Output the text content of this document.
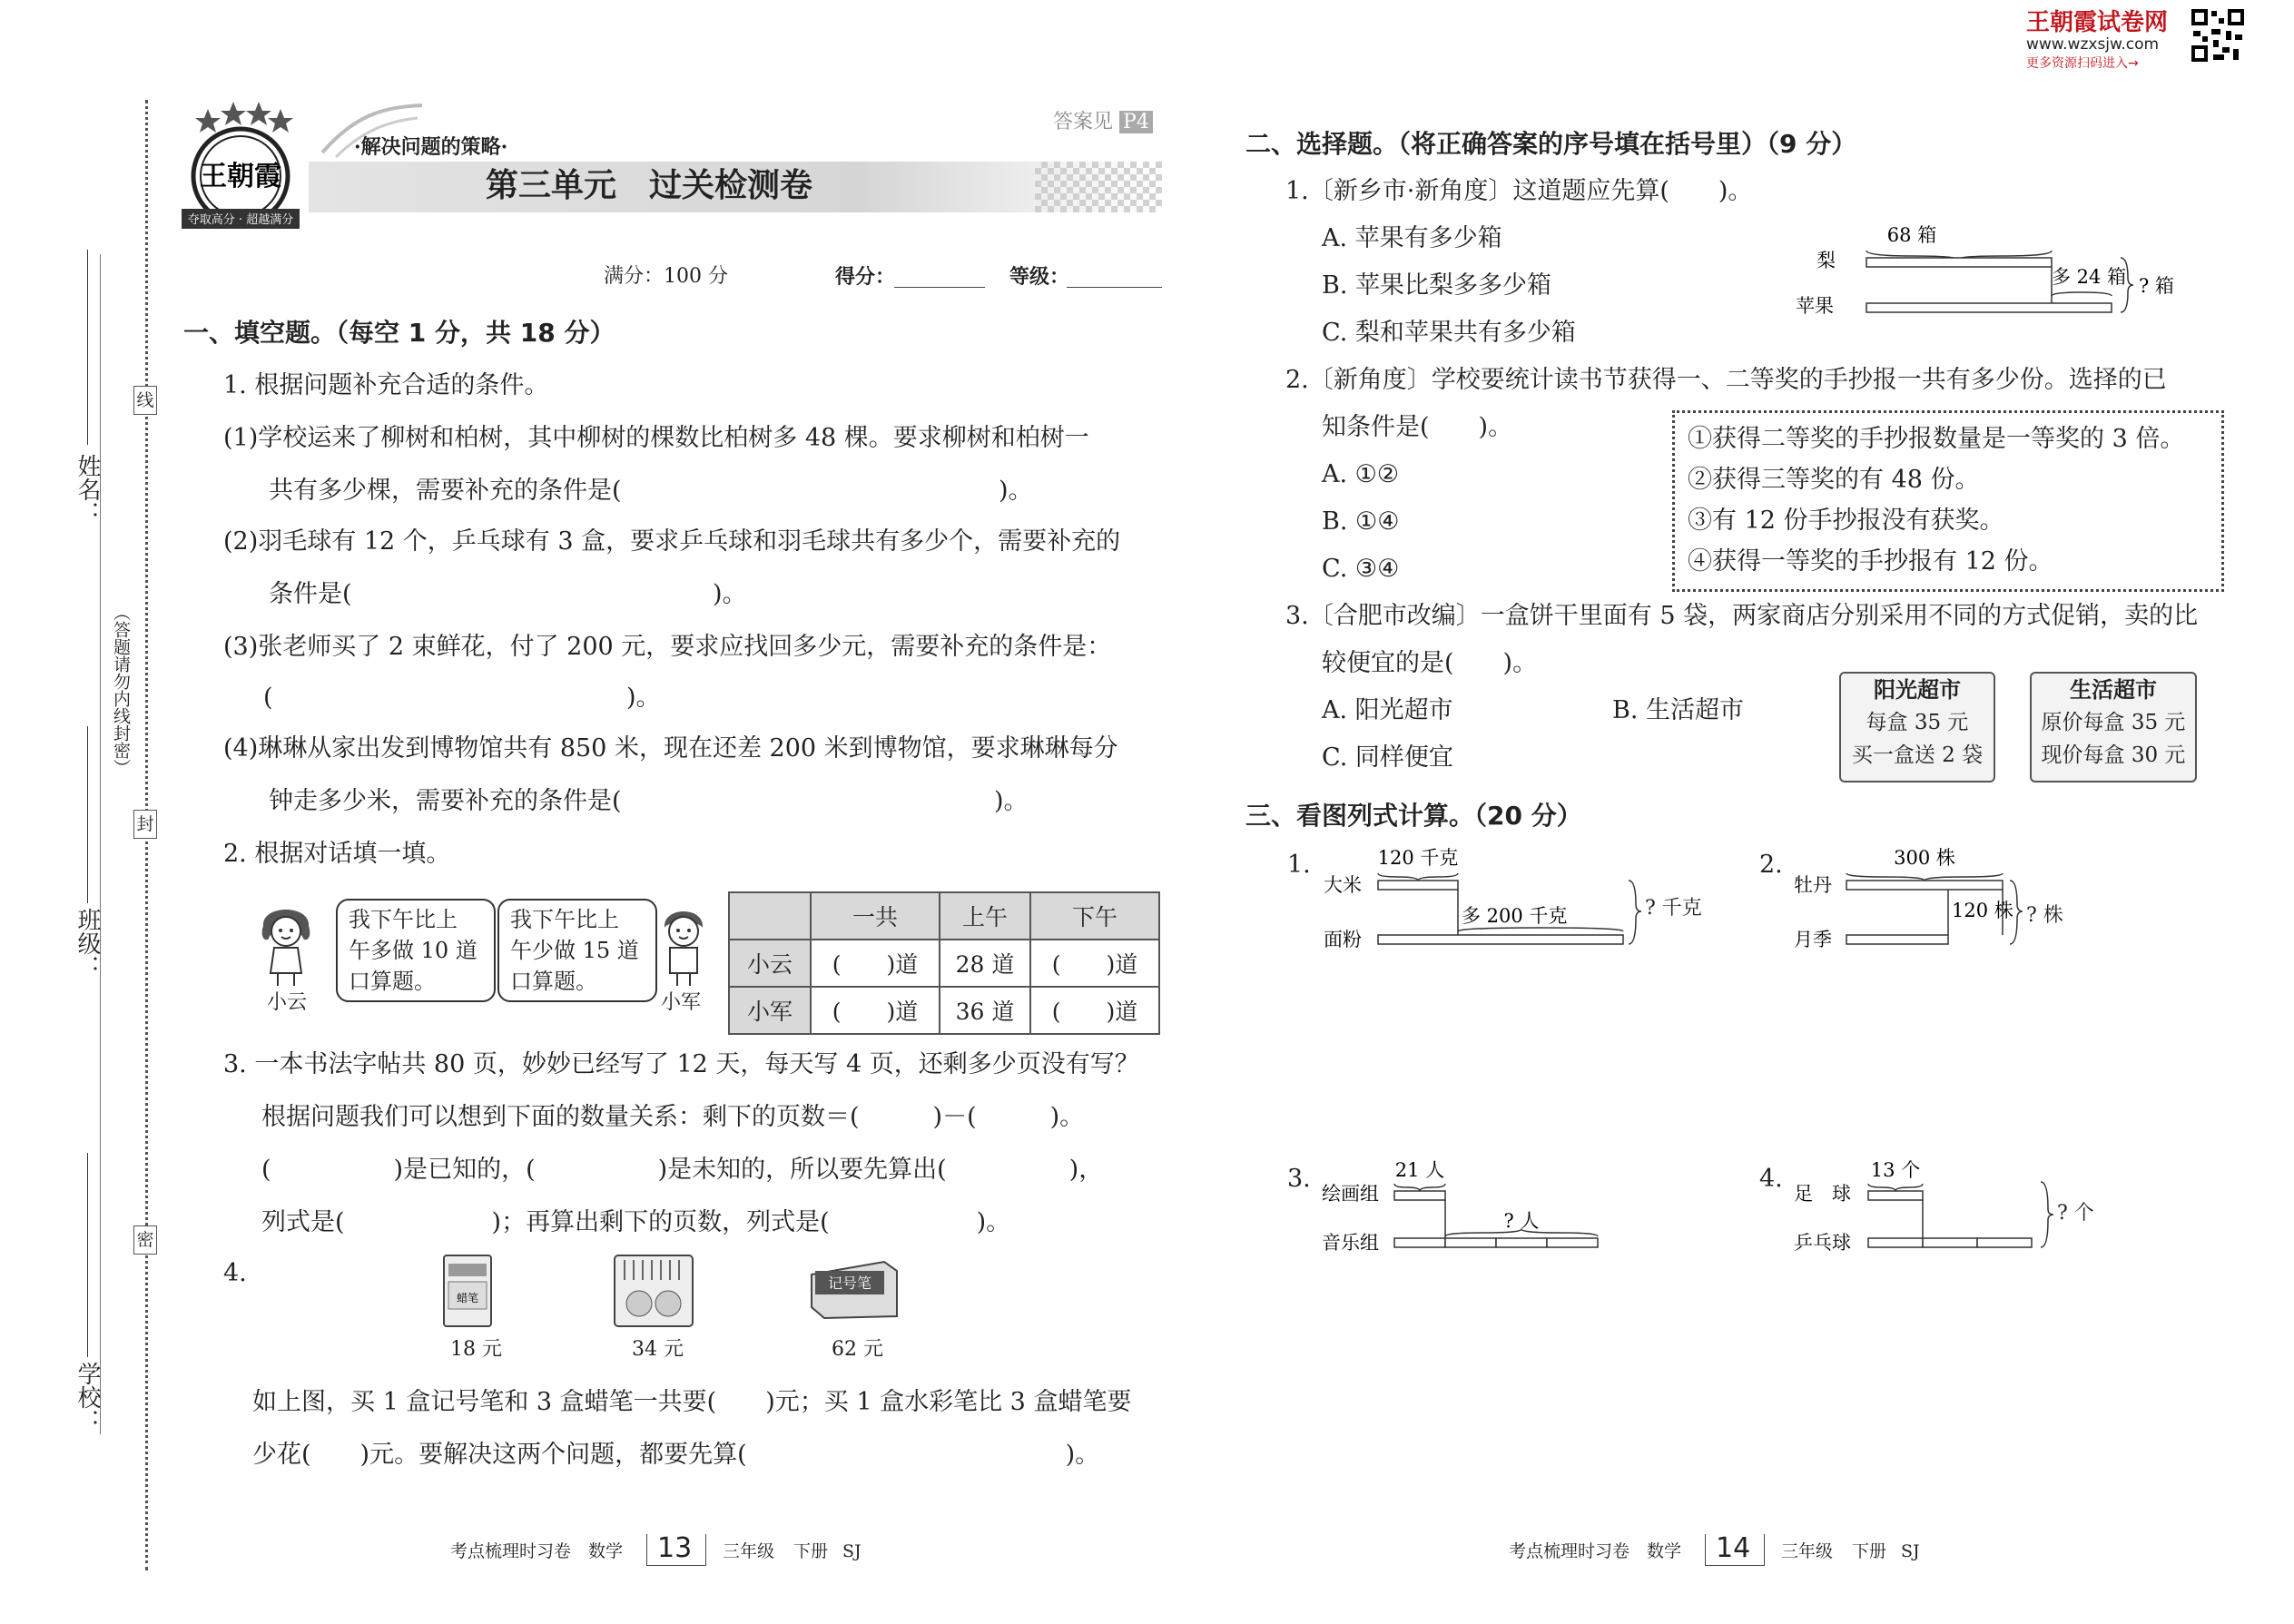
姓名：
班级：
学校：
（答题请勿内线封密）
线
封
密
王朝霞
夺取高分 · 超越满分
答案见 P4
·解决问题的策略·
第三单元　过关检测卷
满分：100 分	得分：	等级：
一、填空题。（每空 1 分，共 18 分）
1. 根据问题补充合适的条件。
(1)学校运来了柳树和柏树，其中柳树的棵数比柏树多 48 棵。要求柳树和柏树一
共有多少棵，需要补充的条件是(	)。
(2)羽毛球有 12 个，乒乓球有 3 盒，要求乒乓球和羽毛球共有多少个，需要补充的
条件是(	)。
(3)张老师买了 2 束鲜花，付了 200 元，要求应找回多少元，需要补充的条件是：
(	)。
(4)琳琳从家出发到博物馆共有 850 米，现在还差 200 米到博物馆，要求琳琳每分
钟走多少米，需要补充的条件是(	)。
2. 根据对话填一填。
小云
我下午比上
午多做 10 道
口算题。
我下午比上
午少做 15 道
口算题。
小军
	一共	上午	下午
小云	(　　)道	28 道	(　　)道
小军	(　　)道	36 道	(　　)道
3. 一本书法字帖共 80 页，妙妙已经写了 12 天，每天写 4 页，还剩多少页没有写？
根据问题我们可以想到下面的数量关系：剩下的页数＝(　　　)－(　　　)。
(　　　　　)是已知的，(　　　　　)是未知的，所以要先算出(　　　　　)，
列式是(　　　　　　)；再算出剩下的页数，列式是(　　　　　　)。
4.
蜡笔
记号笔
18 元	34 元	62 元
如上图，买 1 盒记号笔和 3 盒蜡笔一共要(　　)元；买 1 盒水彩笔比 3 盒蜡笔要
少花(　　)元。要解决这两个问题，都要先算(　　　　　　　　　　　　　)。
王朝霞试卷网
www.wzxsjw.com
更多资源扫码进入→
二、选择题。（将正确答案的序号填在括号里）（9 分）
1.〔新乡市·新角度〕这道题应先算(　　)。
A. 苹果有多少箱
B. 苹果比梨多多少箱
C. 梨和苹果共有多少箱
68 箱
梨
苹果
多 24 箱 ? 箱
2.〔新角度〕学校要统计读书节获得一、二等奖的手抄报一共有多少份。选择的已
知条件是(　　)。
A. ①②
B. ①④
C. ③④
①获得二等奖的手抄报数量是一等奖的 3 倍。
②获得三等奖的有 48 份。
③有 12 份手抄报没有获奖。
④获得一等奖的手抄报有 12 份。
3.〔合肥市改编〕一盒饼干里面有 5 袋，两家商店分别采用不同的方式促销，卖的比
较便宜的是(　　)。
A. 阳光超市	B. 生活超市
C. 同样便宜
阳光超市
每盒 35 元
买一盒送 2 袋
生活超市
原价每盒 35 元
现价每盒 30 元
三、看图列式计算。（20 分）
1.	120 千克
大米
面粉
多 200 千克	? 千克
2.	300 株
牡丹
月季
120 株 ? 株
3.	21 人
绘画组
音乐组
? 人
4.	13 个
足　球
乒乓球
? 个
考点梳理时习卷 数学 13 三年级 下册 SJ	考点梳理时习卷 数学 14 三年级 下册 SJ
